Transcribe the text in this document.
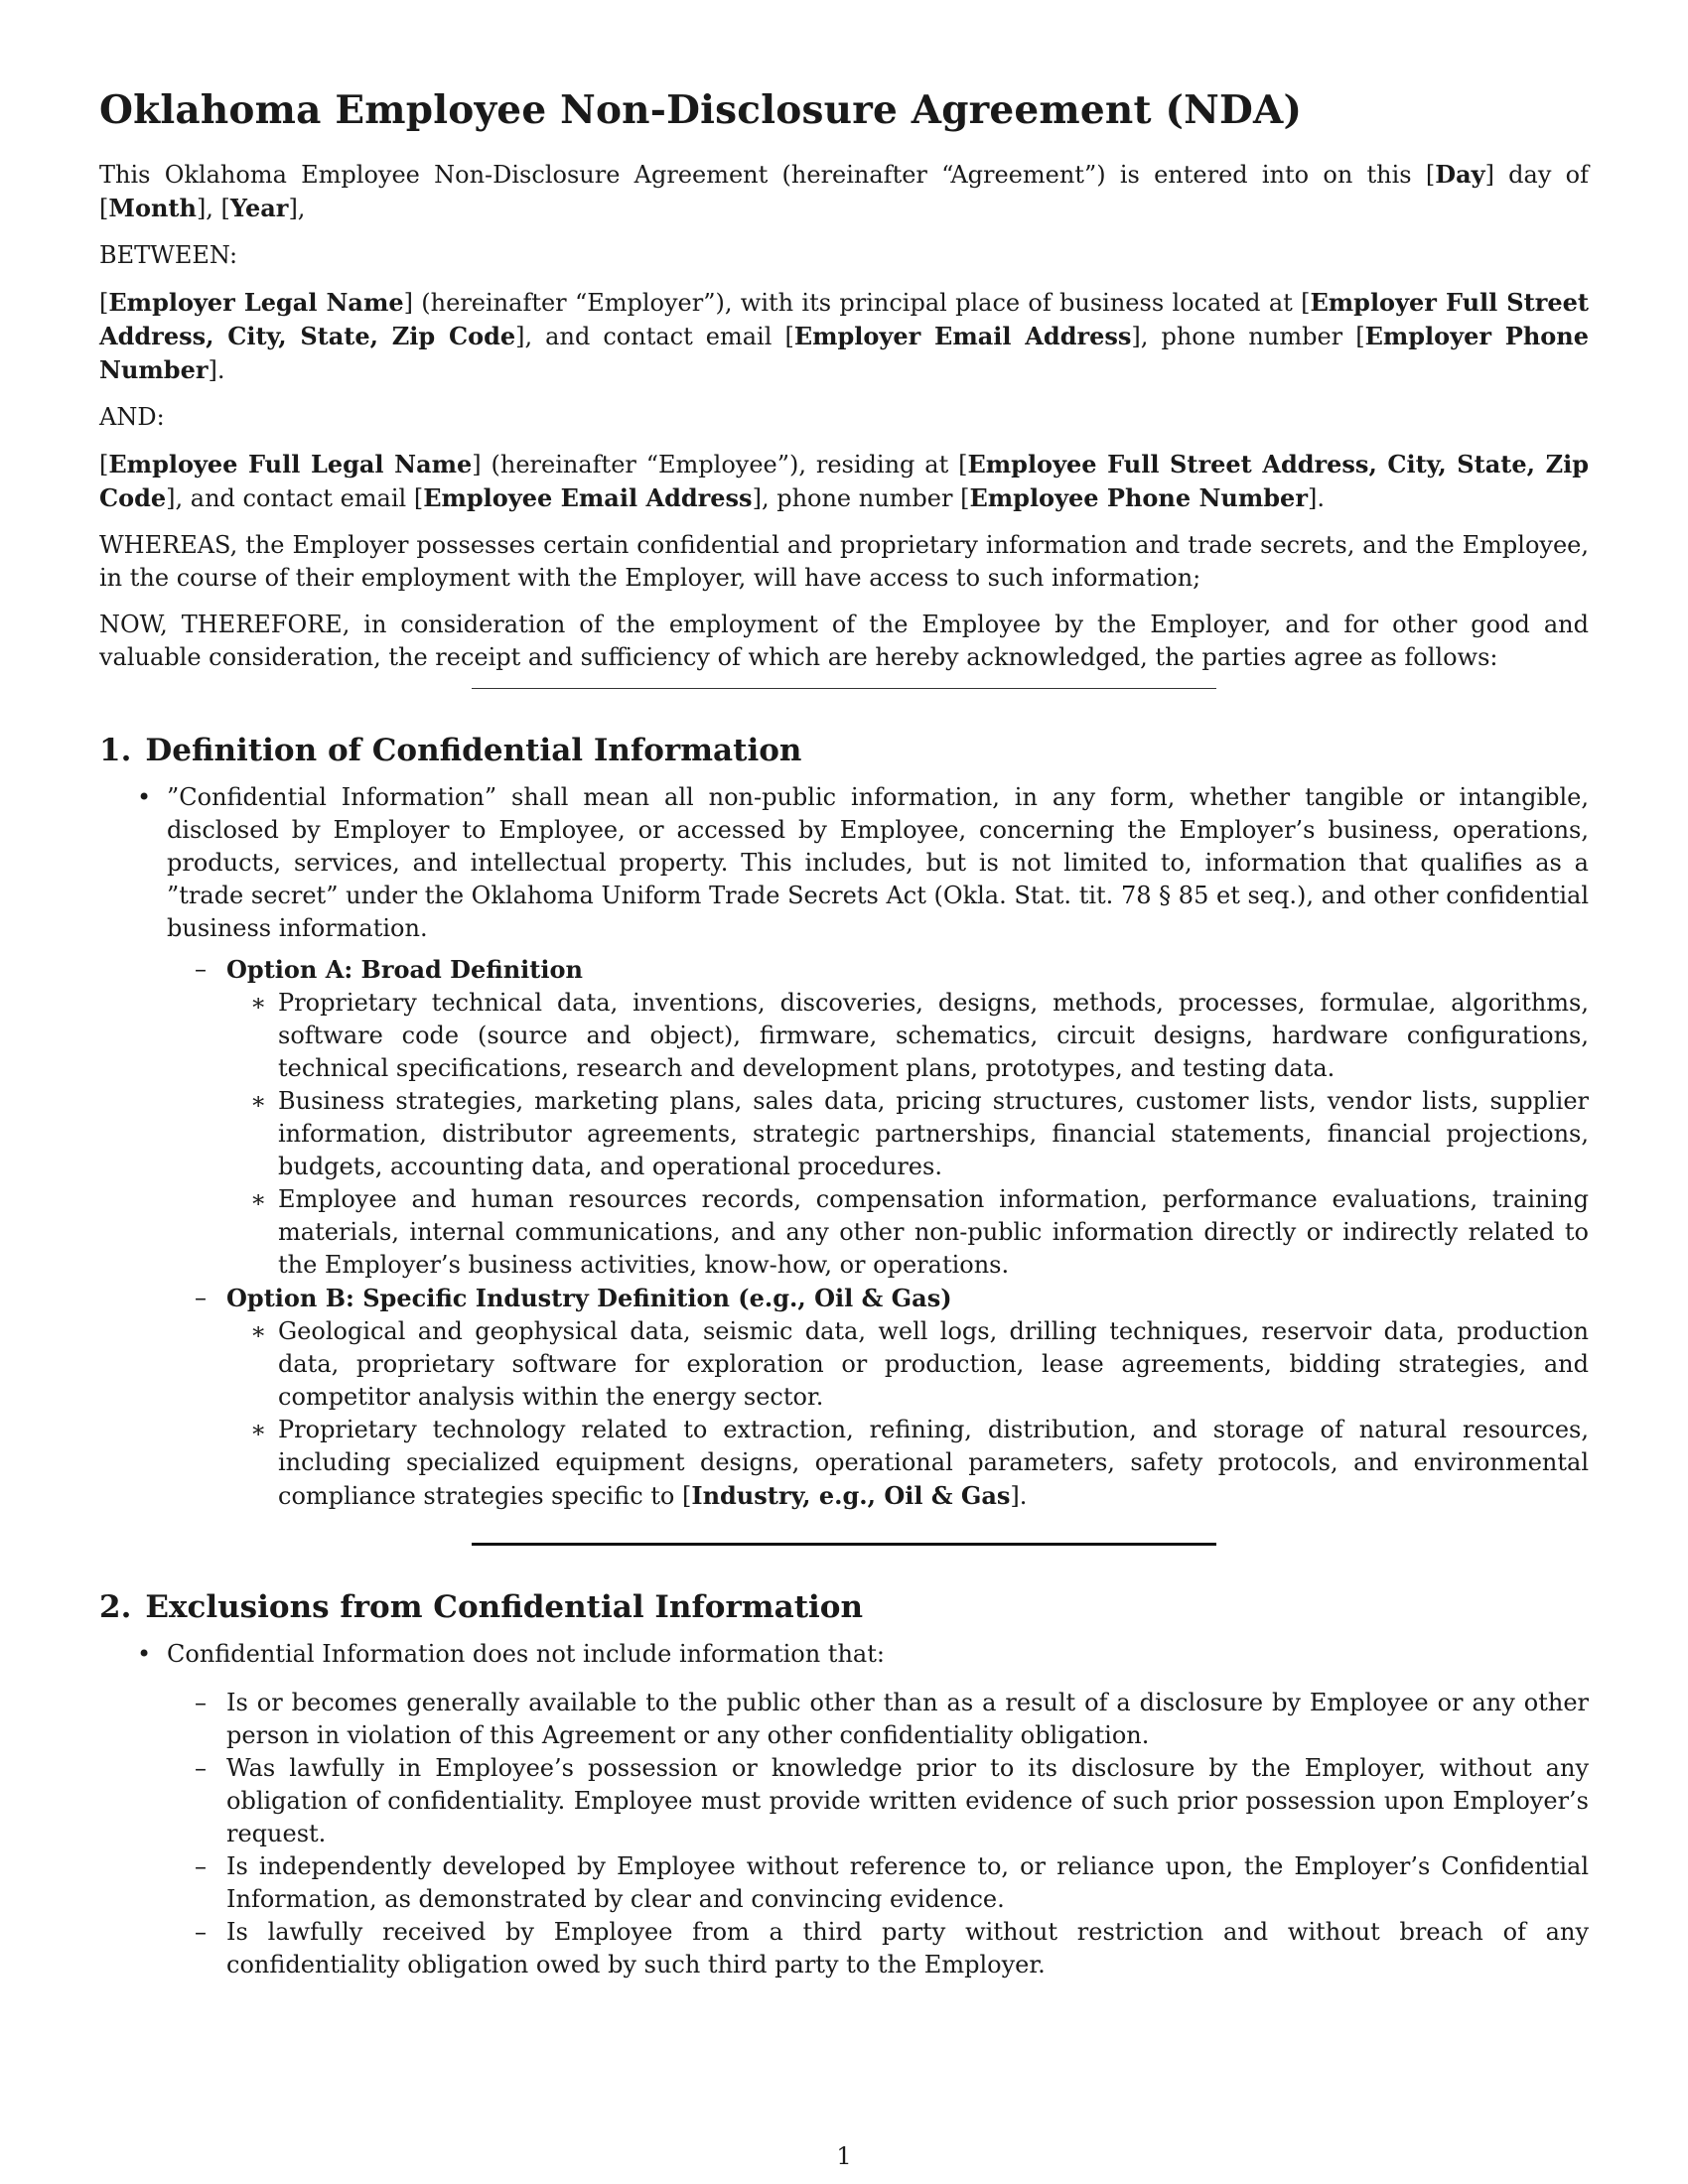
Oklahoma Employee Non-Disclosure Agreement (NDA)

This Oklahoma Employee Non-Disclosure Agreement (hereinafter “Agreement”) is entered into on this [Day] day of [Month], [Year],

BETWEEN:

[Employer Legal Name] (hereinafter “Employer”), with its principal place of business located at [Employer Full Street Address, City, State, Zip Code], and contact email [Employer Email Address], phone number [Employer Phone Number].

AND:

[Employee Full Legal Name] (hereinafter “Employee”), residing at [Employee Full Street Address, City, State, Zip Code], and contact email [Employee Email Address], phone number [Employee Phone Number].

WHEREAS, the Employer possesses certain confidential and proprietary information and trade secrets, and the Employee, in the course of their employment with the Employer, will have access to such information;

NOW, THEREFORE, in consideration of the employment of the Employee by the Employer, and for other good and valuable consideration, the receipt and sufficiency of which are hereby acknowledged, the parties agree as follows:

1. Definition of Confidential Information
• ”Confidential Information” shall mean all non-public information, in any form, whether tangible or intangible, disclosed by Employer to Employee, or accessed by Employee, concerning the Employer’s business, operations, products, services, and intellectual property. This includes, but is not limited to, information that qualifies as a ”trade secret” under the Oklahoma Uniform Trade Secrets Act (Okla. Stat. tit. 78 § 85 et seq.), and other confidential business information.
– Option A: Broad Definition
∗ Proprietary technical data, inventions, discoveries, designs, methods, processes, formulae, algorithms, software code (source and object), firmware, schematics, circuit designs, hardware configurations, technical specifications, research and development plans, prototypes, and testing data.
∗ Business strategies, marketing plans, sales data, pricing structures, customer lists, vendor lists, supplier information, distributor agreements, strategic partnerships, financial statements, financial projections, budgets, accounting data, and operational procedures.
∗ Employee and human resources records, compensation information, performance evaluations, training materials, internal communications, and any other non-public information directly or indirectly related to the Employer’s business activities, know-how, or operations.
– Option B: Specific Industry Definition (e.g., Oil & Gas)
∗ Geological and geophysical data, seismic data, well logs, drilling techniques, reservoir data, production data, proprietary software for exploration or production, lease agreements, bidding strategies, and competitor analysis within the energy sector.
∗ Proprietary technology related to extraction, refining, distribution, and storage of natural resources, including specialized equipment designs, operational parameters, safety protocols, and environmental compliance strategies specific to [Industry, e.g., Oil & Gas].
2. Exclusions from Confidential Information
• Confidential Information does not include information that:
– Is or becomes generally available to the public other than as a result of a disclosure by Employee or any other person in violation of this Agreement or any other confidentiality obligation.
– Was lawfully in Employee’s possession or knowledge prior to its disclosure by the Employer, without any obligation of confidentiality. Employee must provide written evidence of such prior possession upon Employer’s request.
– Is independently developed by Employee without reference to, or reliance upon, the Employer’s Confidential Information, as demonstrated by clear and convincing evidence.
– Is lawfully received by Employee from a third party without restriction and without breach of any confidentiality obligation owed by such third party to the Employer.
1
